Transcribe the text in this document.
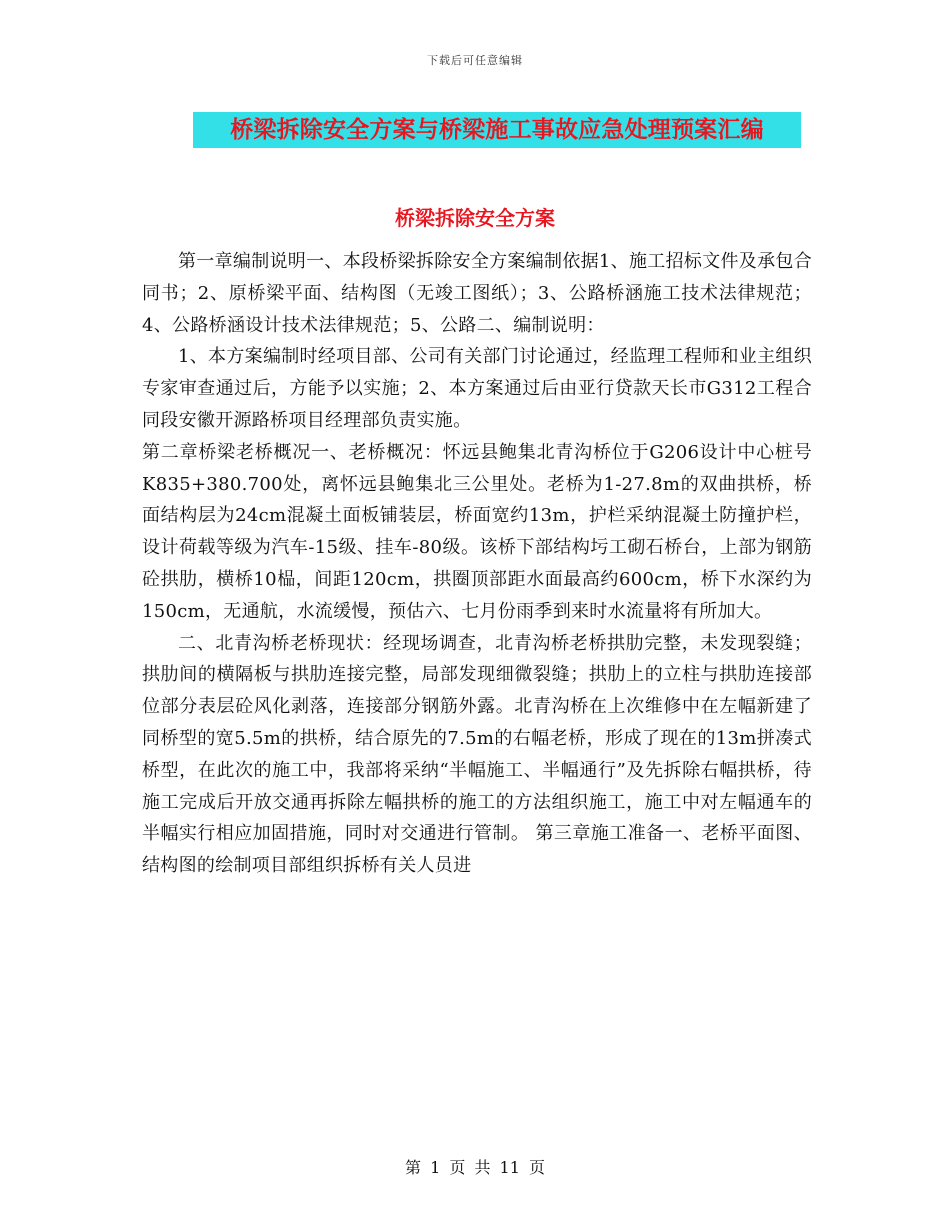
下载后可任意编辑
桥梁拆除安全方案与桥梁施工事故应急处理预案汇编
桥梁拆除安全方案

第一章编制说明一、本段桥梁拆除安全方案编制依据1、施工招标文件及承包合同书；2、原桥梁平面、结构图（无竣工图纸）；3、公路桥涵施工技术法律规范；4、公路桥涵设计技术法律规范；5、公路二、编制说明：

1、本方案编制时经项目部、公司有关部门讨论通过，经监理工程师和业主组织专家审查通过后，方能予以实施；2、本方案通过后由亚行贷款天长市G312工程合同段安徽开源路桥项目经理部负责实施。

第二章桥梁老桥概况一、老桥概况：怀远县鲍集北青沟桥位于G206设计中心桩号K835+380.700处，离怀远县鲍集北三公里处。老桥为1-27.8m的双曲拱桥，桥面结构层为24cm混凝土面板铺装层，桥面宽约13m，护栏采纳混凝土防撞护栏，设计荷载等级为汽车-15级、挂车-80级。该桥下部结构圬工砌石桥台，上部为钢筋砼拱肋，横桥10榀，间距120cm，拱圈顶部距水面最高约600cm，桥下水深约为150cm，无通航，水流缓慢，预估六、七月份雨季到来时水流量将有所加大。

二、北青沟桥老桥现状：经现场调查，北青沟桥老桥拱肋完整，未发现裂缝；拱肋间的横隔板与拱肋连接完整，局部发现细微裂缝；拱肋上的立柱与拱肋连接部位部分表层砼风化剥落，连接部分钢筋外露。北青沟桥在上次维修中在左幅新建了同桥型的宽5.5m的拱桥，结合原先的7.5m的右幅老桥，形成了现在的13m拼凑式桥型，在此次的施工中，我部将采纳“半幅施工、半幅通行”及先拆除右幅拱桥，待施工完成后开放交通再拆除左幅拱桥的施工的方法组织施工，施工中对左幅通车的半幅实行相应加固措施，同时对交通进行管制。 第三章施工准备一、老桥平面图、结构图的绘制项目部组织拆桥有关人员进

第 1 页 共 11 页
